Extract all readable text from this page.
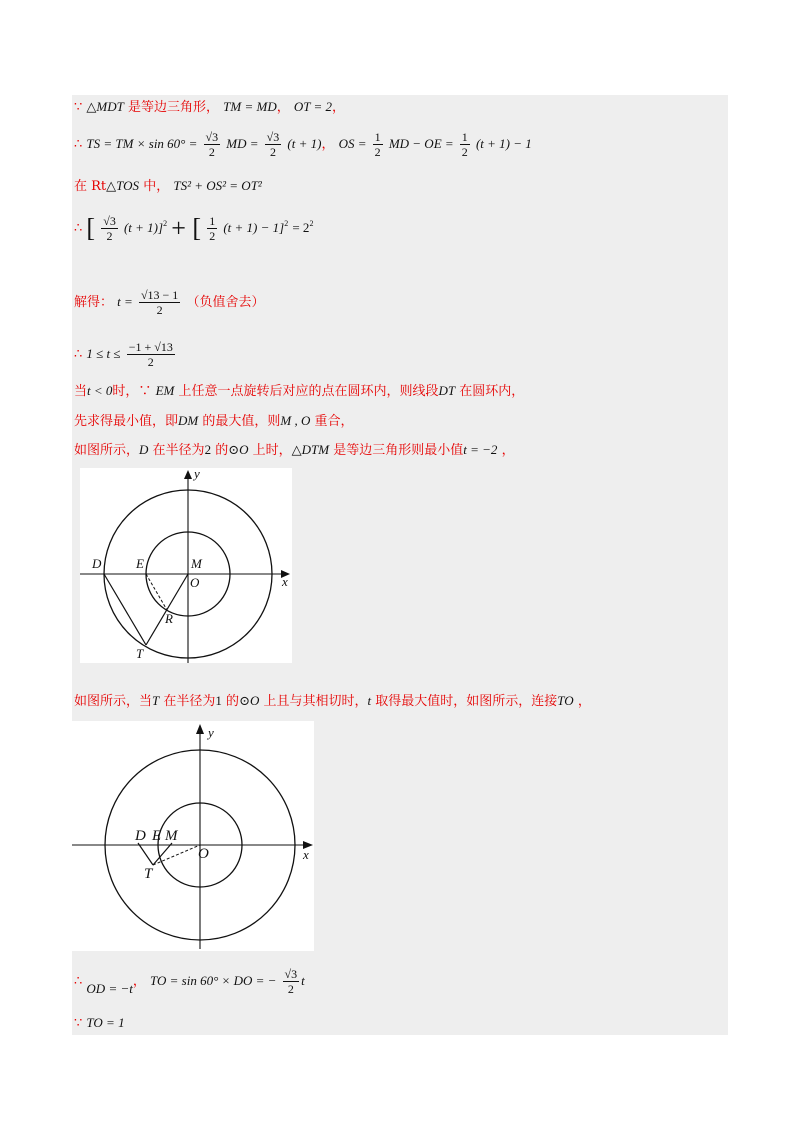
∵ △MDT 是等边三角形， TM = MD， OT = 2，
∴ TS = TM × $\sin 60^\circ = \frac{√3}{2}$ MD = $\frac{√3}{2} (t + 1)$， OS = $\frac{1}{2}$ MD − OE = $\frac{1}{2} (t + 1) - 1$
在 Rt△TOS 中， TS² + OS² = OT²
∴ [ $\frac{√3}{2} (t + 1)]^2$ + [ $\frac{1}{2} (t + 1) - 1]^2 = 2^2$
解得： $t = \frac{√13 - 1}{2}$ （负值舍去）
∴ $1 \le t \le \frac{-1 + √13}{2}$
当t < 0时，∵ EM 上任意一点旋转后对应的点在圆环内，则线段DT 在圆环内，
先求得最小值，即DM 的最大值，则M , O 重合，
如图所示，D 在半径为2 的⊙O 上时，△DTM 是等边三角形则最小值t = −2 ，
y
x
D	E	M
O
R
T
如图所示，当T 在半径为1 的⊙O 上且与其相切时，t 取得最大值时，如图所示，连接TO ，
y
x
D E M
O
T
∴ OD = −t， TO = sin 60° × DO = − $\frac{√3}{2}$ t
∵ TO = 1
